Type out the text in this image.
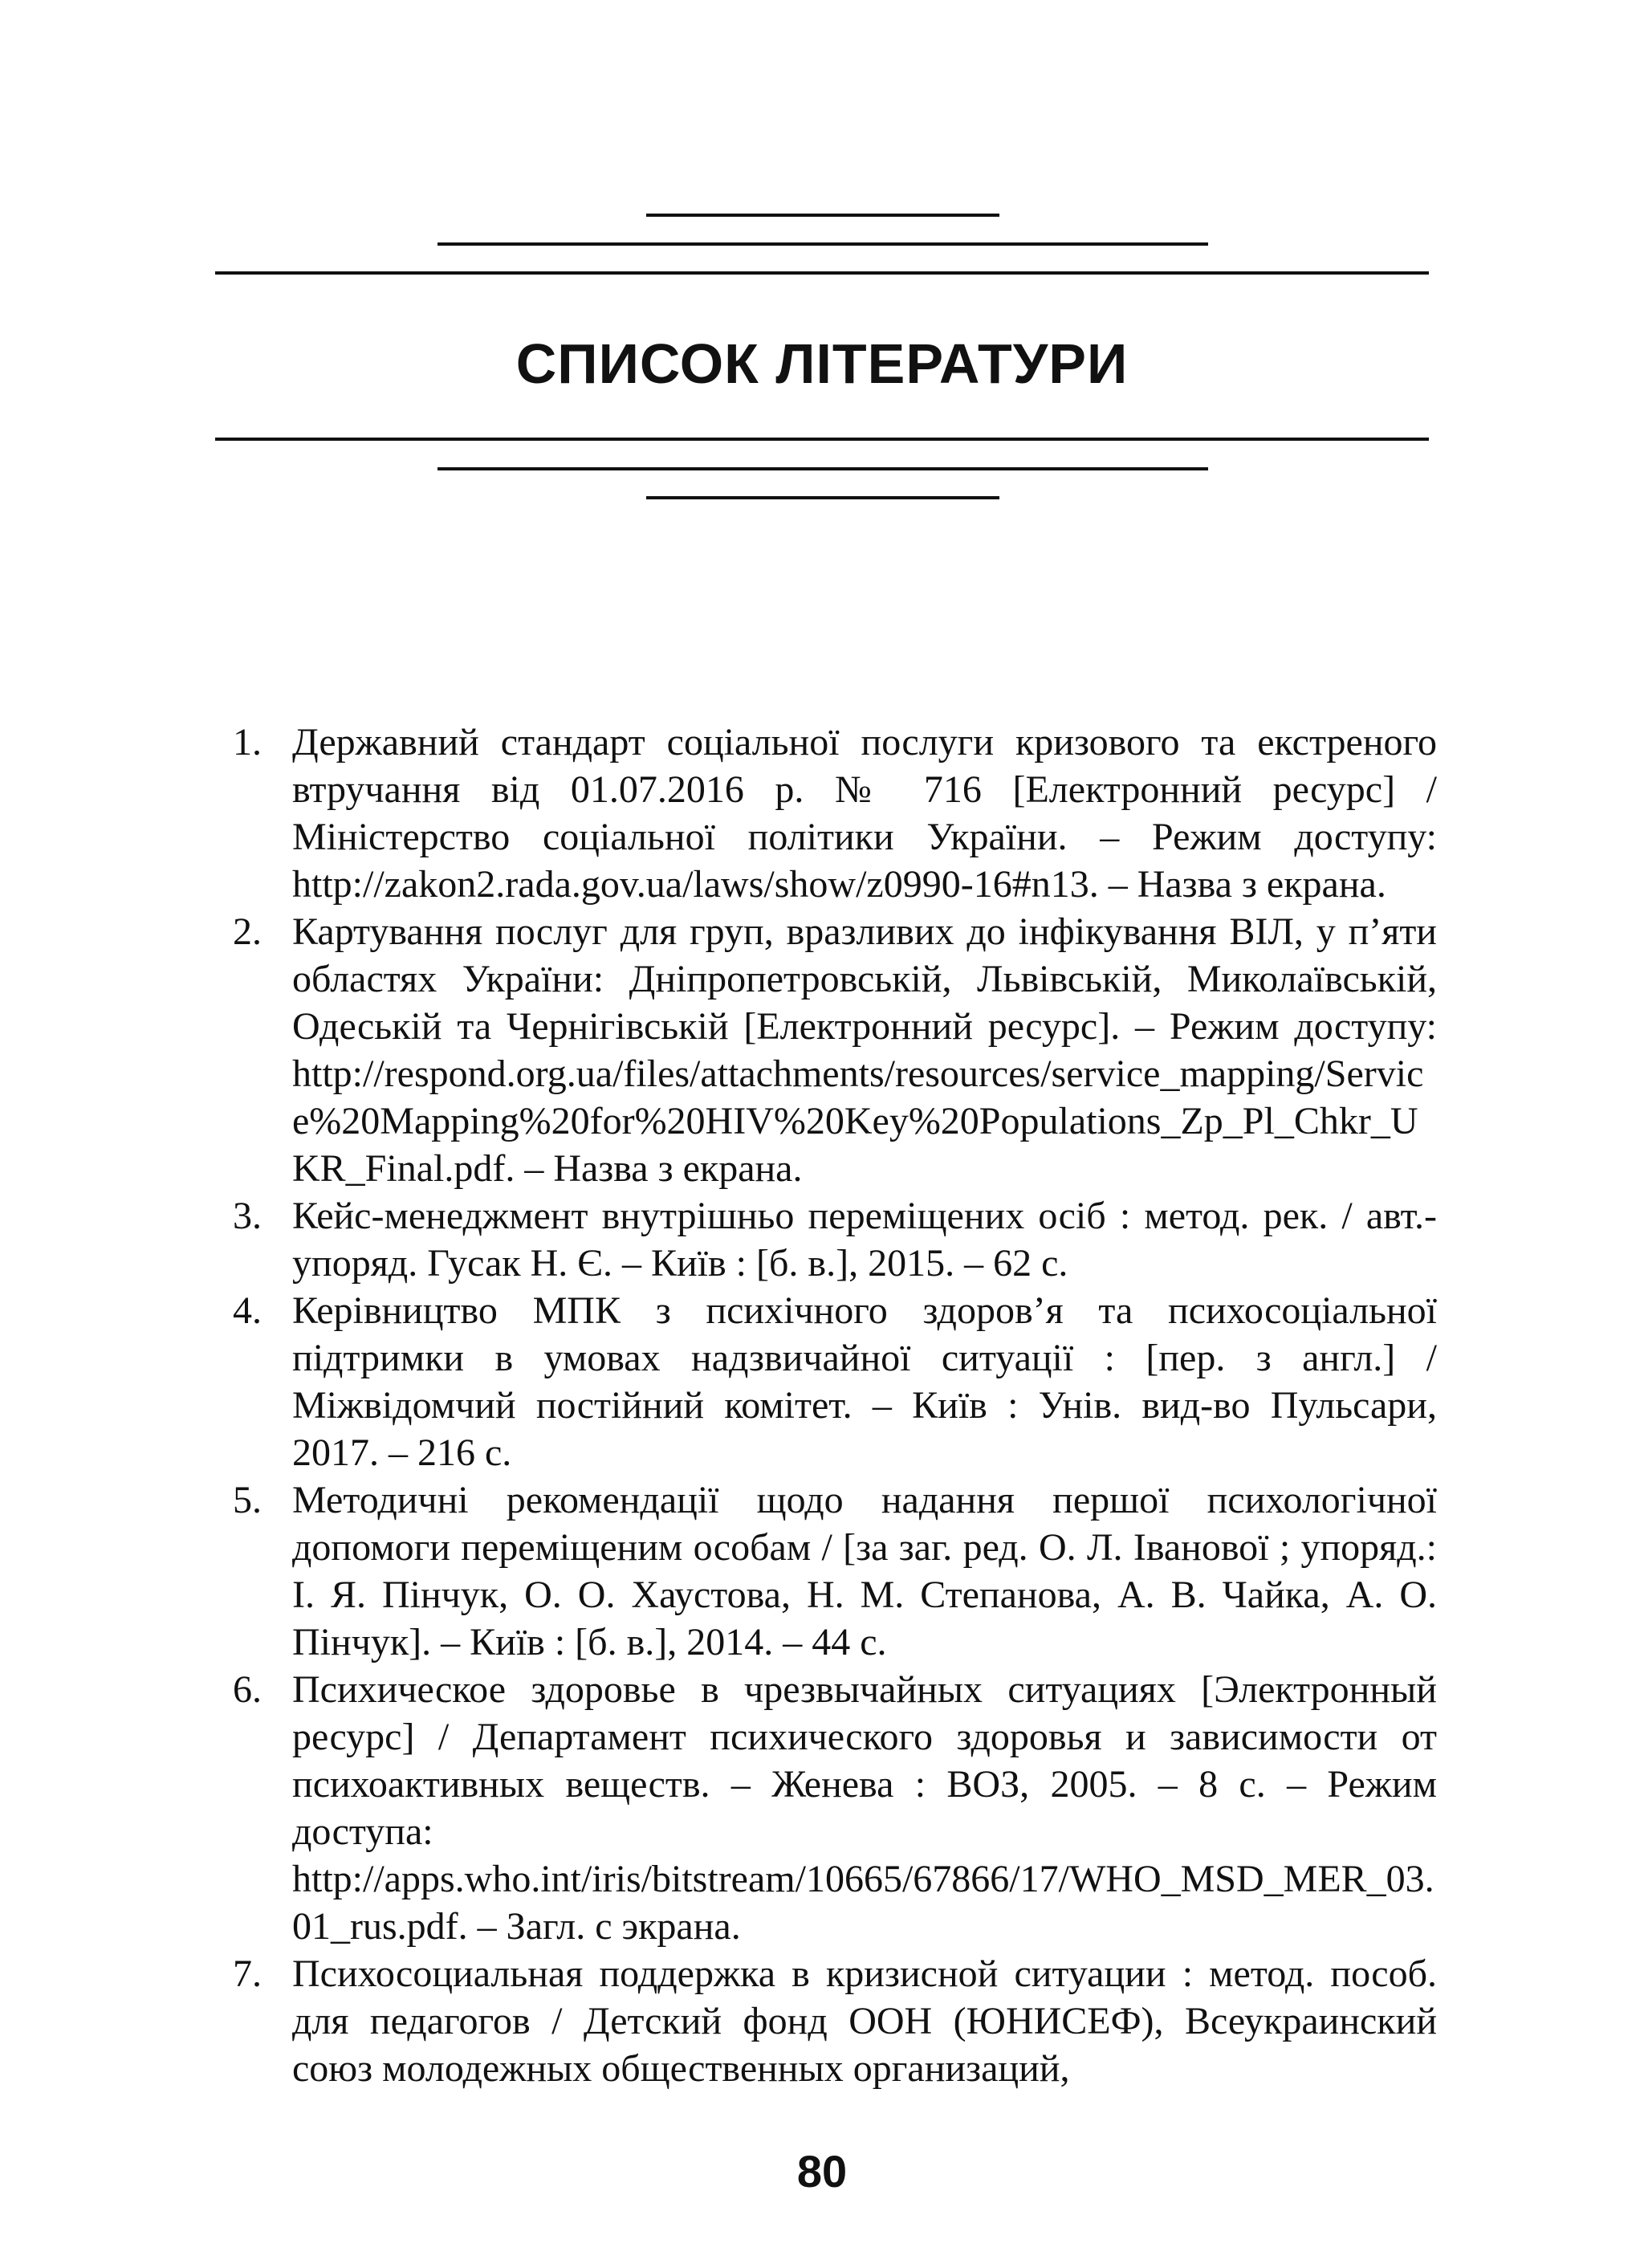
СПИСОК ЛІТЕРАТУРИ
1. Державний стандарт соціальної послуги кризового та екстреного втручання від 01.07.2016 р. № 716 [Електронний ресурс] / Міністерство соціальної політики України. – Режим доступу: http://zakon2.rada.gov.ua/laws/show/z0990-16#n13. – Назва з екрана.
2. Картування послуг для груп, вразливих до інфікування ВІЛ, у п’яти областях України: Дніпропетровській, Львівській, Миколаївській, Одеській та Чернігівській [Електронний ресурс]. – Режим доступу: http://respond.org.ua/files/attachments/resources/service_mapping/Service%20Mapping%20for%20HIV%20Key%20Populations_Zp_Pl_Chkr_UKR_Final.pdf. – Назва з екрана.
3. Кейс-менеджмент внутрішньо переміщених осіб : метод. рек. / авт.-упоряд. Гусак Н. Є. – Київ : [б. в.], 2015. – 62 с.
4. Керівництво МПК з психічного здоров’я та психосоціальної підтримки в умовах надзвичайної ситуації : [пер. з англ.] / Міжвідомчий постійний комітет. – Київ : Унів. вид-во Пульсари, 2017. – 216 с.
5. Методичні рекомендації щодо надання першої психологічної допомоги переміщеним особам / [за заг. ред. О. Л. Іванової ; упоряд.: І. Я. Пінчук, О. О. Хаустова, Н. М. Степанова, А. В. Чайка, А. О. Пінчук]. – Київ : [б. в.], 2014. – 44 с.
6. Психическое здоровье в чрезвычайных ситуациях [Электронный ресурс] / Департамент психического здоровья и зависимости от психоактивных веществ. – Женева : ВОЗ, 2005. – 8 с. – Режим доступа: http://apps.who.int/iris/bitstream/10665/67866/17/WHO_MSD_MER_03.01_rus.pdf. – Загл. с экрана.
7. Психосоциальная поддержка в кризисной ситуации : метод. пособ. для педагогов / Детский фонд ООН (ЮНИСЕФ), Всеукраинский союз молодежных общественных организаций,
80
